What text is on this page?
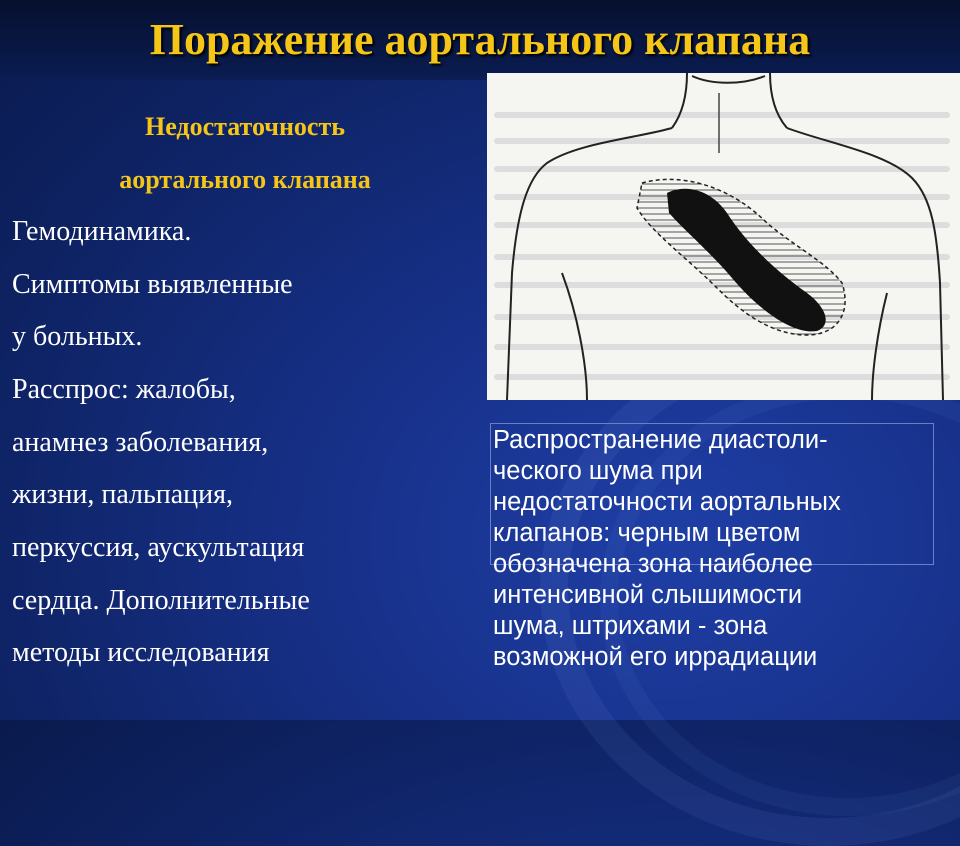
Поражение аортального клапана
Недостаточность
аортального клапана
Гемодинамика.
Симптомы выявленные
у больных.
Расспрос: жалобы,
анамнез заболевания,
жизни, пальпация,
перкуссия, аускультация
сердца. Дополнительные
методы исследования
Распространение диастоли-
ческого шума при
недостаточности аортальных
клапанов: черным цветом
обозначена зона наиболее
интенсивной слышимости
шума, штрихами - зона
возможной его иррадиации
